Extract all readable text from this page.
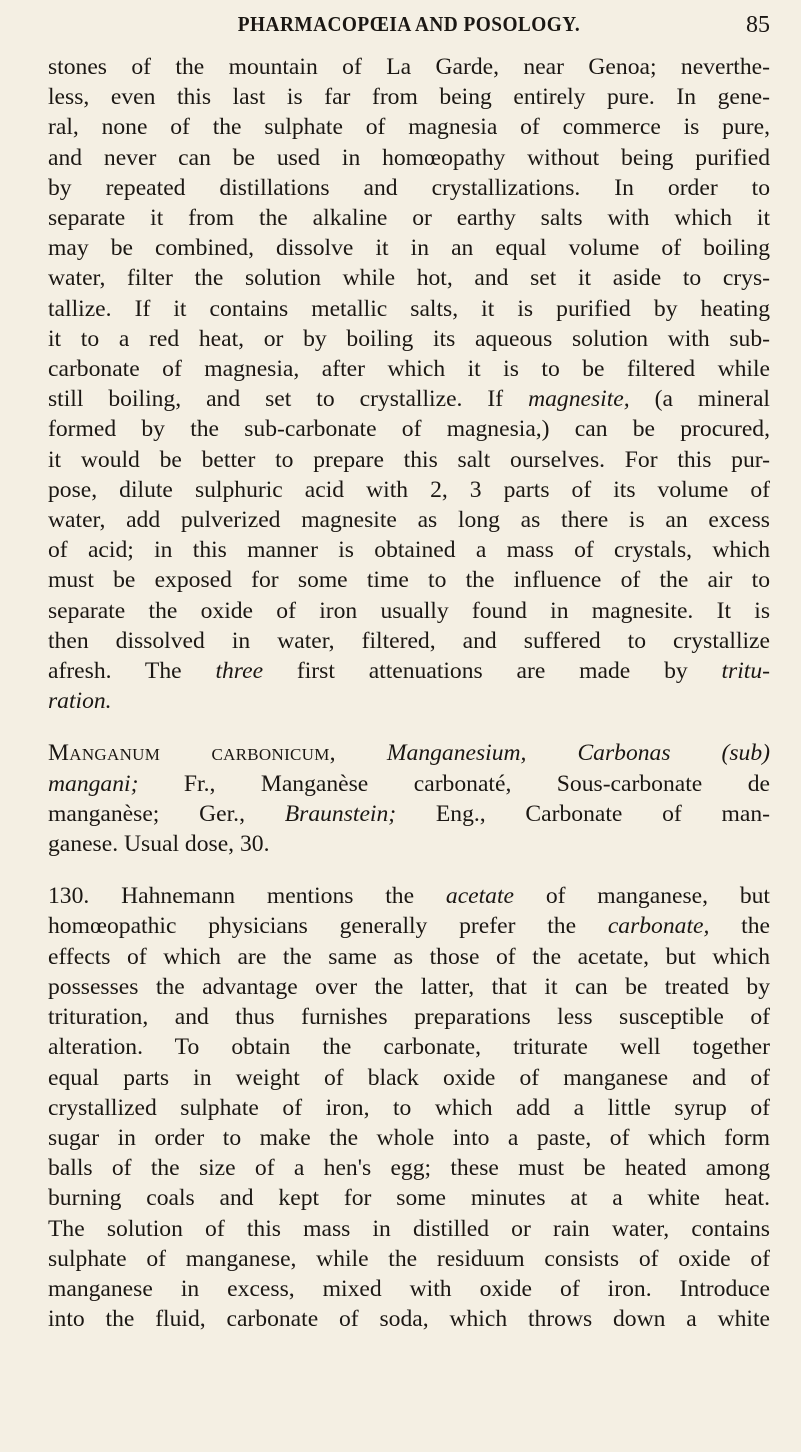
PHARMACOPŒIA AND POSOLOGY.	85

stones of the mountain of La Garde, near Genoa; neverthe-
less, even this last is far from being entirely pure. In gene-
ral, none of the sulphate of magnesia of commerce is pure,
and never can be used in homœopathy without being purified
by repeated distillations and crystallizations. In order to
separate it from the alkaline or earthy salts with which it
may be combined, dissolve it in an equal volume of boiling
water, filter the solution while hot, and set it aside to crys-
tallize. If it contains metallic salts, it is purified by heating
it to a red heat, or by boiling its aqueous solution with sub-
carbonate of magnesia, after which it is to be filtered while
still boiling, and set to crystallize. If magnesite, (a mineral
formed by the sub-carbonate of magnesia,) can be procured,
it would be better to prepare this salt ourselves. For this pur-
pose, dilute sulphuric acid with 2, 3 parts of its volume of
water, add pulverized magnesite as long as there is an excess
of acid; in this manner is obtained a mass of crystals, which
must be exposed for some time to the influence of the air to
separate the oxide of iron usually found in magnesite. It is
then dissolved in water, filtered, and suffered to crystallize
afresh. The three first attenuations are made by tritu-
ration.

Manganum carbonicum, Manganesium, Carbonas (sub)
mangani; Fr., Manganèse carbonaté, Sous-carbonate de
manganèse; Ger., Braunstein; Eng., Carbonate of man-
ganese. Usual dose, 30.

130. Hahnemann mentions the acetate of manganese, but
homœopathic physicians generally prefer the carbonate, the
effects of which are the same as those of the acetate, but which
possesses the advantage over the latter, that it can be treated by
trituration, and thus furnishes preparations less susceptible of
alteration. To obtain the carbonate, triturate well together
equal parts in weight of black oxide of manganese and of
crystallized sulphate of iron, to which add a little syrup of
sugar in order to make the whole into a paste, of which form
balls of the size of a hen's egg; these must be heated among
burning coals and kept for some minutes at a white heat.
The solution of this mass in distilled or rain water, contains
sulphate of manganese, while the residuum consists of oxide of
manganese in excess, mixed with oxide of iron. Introduce
into the fluid, carbonate of soda, which throws down a white
